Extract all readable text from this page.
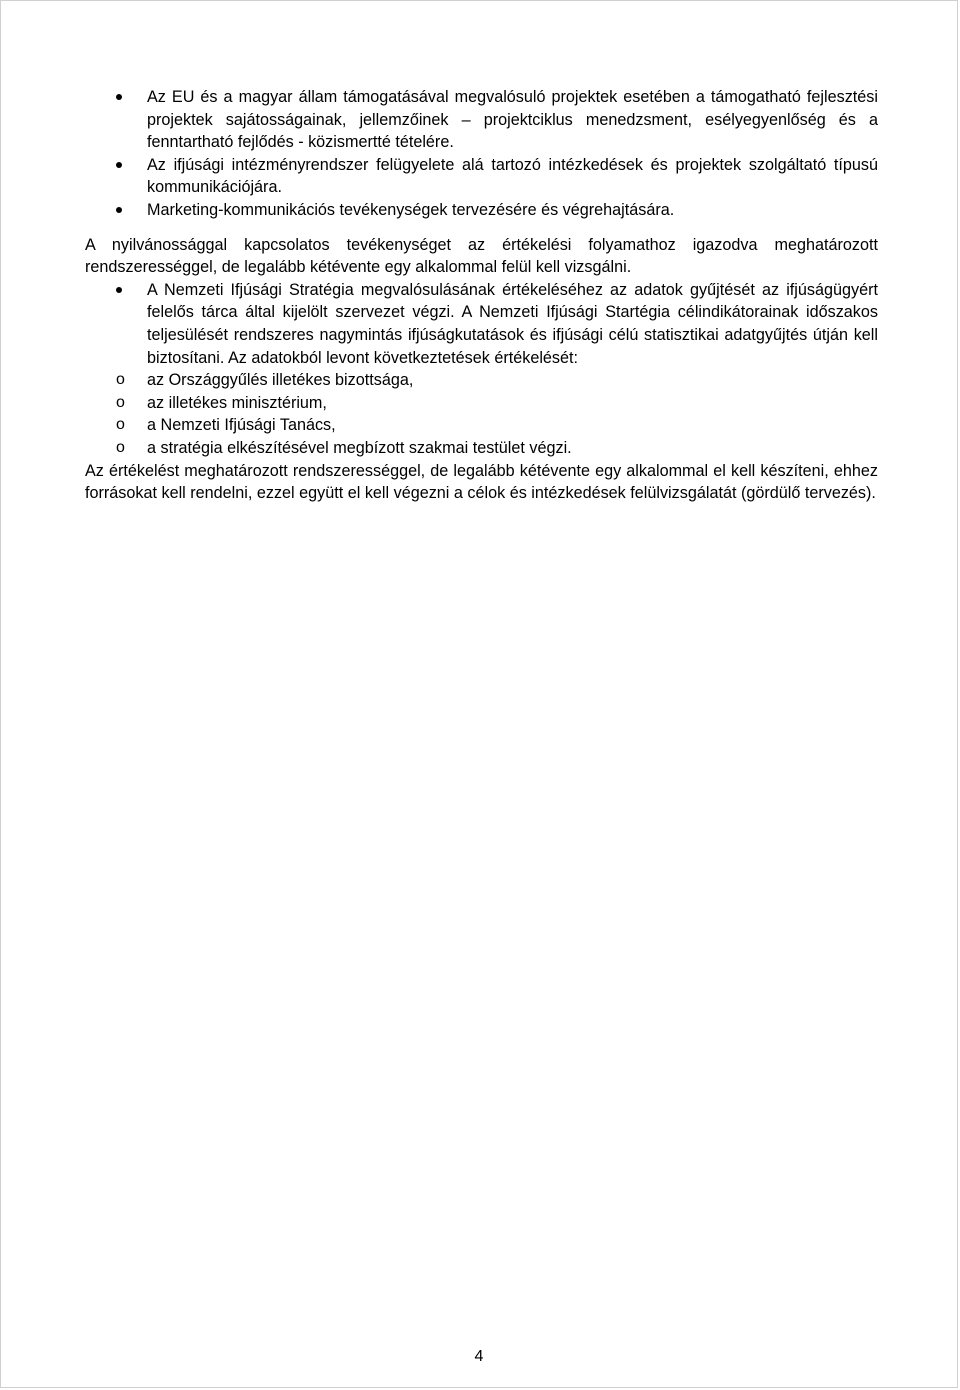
Az EU és a magyar állam támogatásával megvalósuló projektek esetében a támogatható fejlesztési projektek sajátosságainak, jellemzőinek – projektciklus menedzsment, esélyegyenlőség és a fenntartható fejlődés - közismertté tételére.
Az ifjúsági intézményrendszer felügyelete alá tartozó intézkedések és projektek szolgáltató típusú kommunikációjára.
Marketing-kommunikációs tevékenységek tervezésére és végrehajtására.

A nyilvánossággal kapcsolatos tevékenységet az értékelési folyamathoz igazodva meghatározott rendszerességgel, de legalább kétévente egy alkalommal felül kell vizsgálni.

A Nemzeti Ifjúsági Stratégia megvalósulásának értékeléséhez az adatok gyűjtését az ifjúságügyért felelős tárca által kijelölt szervezet végzi. A Nemzeti Ifjúsági Startégia célindikátorainak időszakos teljesülését rendszeres nagymintás ifjúságkutatások és ifjúsági célú statisztikai adatgyűjtés útján kell biztosítani. Az adatokból levont következtetések értékelését:
o az Országgyűlés illetékes bizottsága,
o az illetékes minisztérium,
o a Nemzeti Ifjúsági Tanács,
o a stratégia elkészítésével megbízott szakmai testület végzi.

Az értékelést meghatározott rendszerességgel, de legalább kétévente egy alkalommal el kell készíteni, ehhez forrásokat kell rendelni, ezzel együtt el kell végezni a célok és intézkedések felülvizsgálatát (gördülő tervezés).

4
